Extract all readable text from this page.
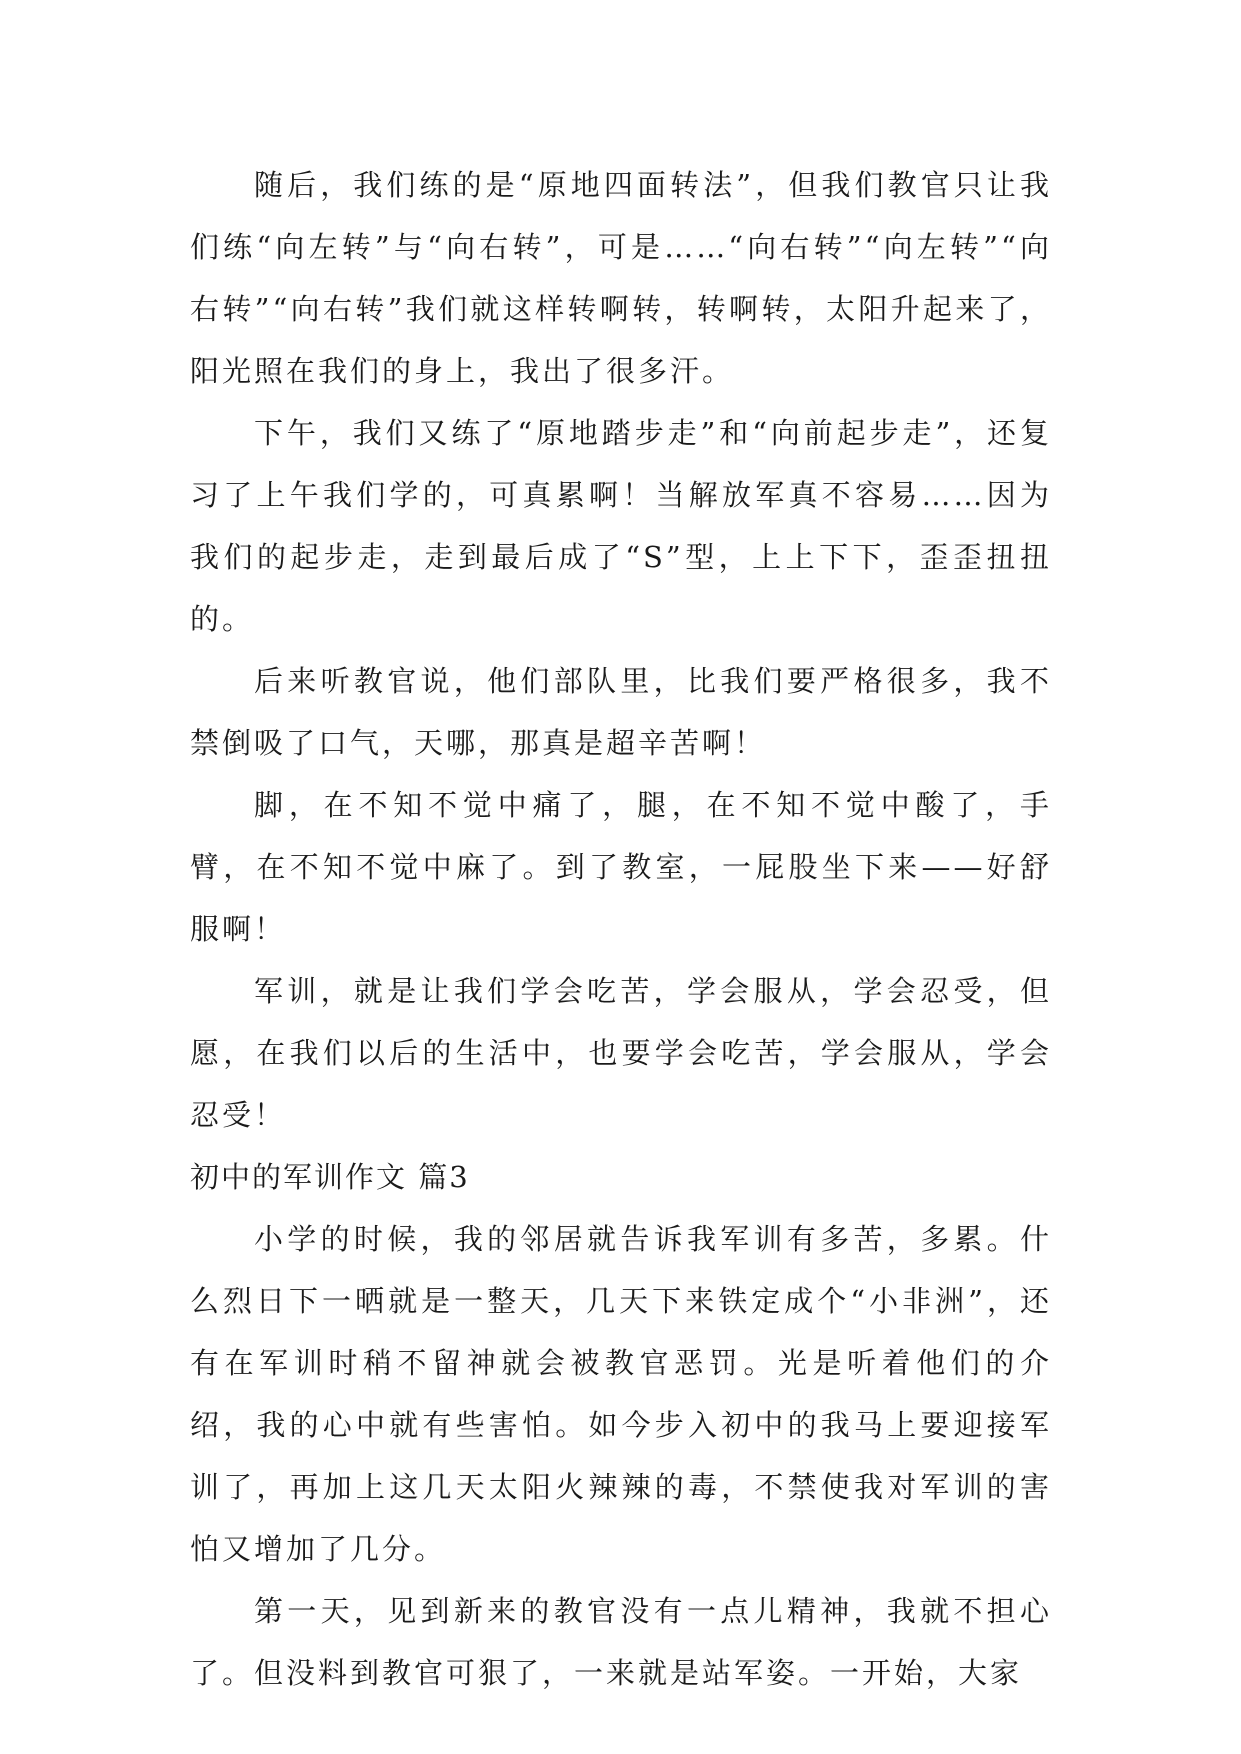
随后，我们练的是“原地四面转法”，但我们教官只让我们练“向左转”与“向右转”，可是……“向右转”“向左转”“向右转”“向右转”我们就这样转啊转，转啊转，太阳升起来了，阳光照在我们的身上，我出了很多汗。

下午，我们又练了“原地踏步走”和“向前起步走”，还复习了上午我们学的，可真累啊！当解放军真不容易……因为我们的起步走，走到最后成了“S”型，上上下下，歪歪扭扭的。

后来听教官说，他们部队里，比我们要严格很多，我不禁倒吸了口气，天哪，那真是超辛苦啊！

脚，在不知不觉中痛了，腿，在不知不觉中酸了，手臂，在不知不觉中麻了。到了教室，一屁股坐下来——好舒服啊！

军训，就是让我们学会吃苦，学会服从，学会忍受，但愿，在我们以后的生活中，也要学会吃苦，学会服从，学会忍受！

初中的军训作文 篇3

小学的时候，我的邻居就告诉我军训有多苦，多累。什么烈日下一晒就是一整天，几天下来铁定成个“小非洲”，还有在军训时稍不留神就会被教官恶罚。光是听着他们的介绍，我的心中就有些害怕。如今步入初中的我马上要迎接军训了，再加上这几天太阳火辣辣的毒，不禁使我对军训的害怕又增加了几分。

第一天，见到新来的教官没有一点儿精神，我就不担心了。但没料到教官可狠了，一来就是站军姿。一开始，大家
